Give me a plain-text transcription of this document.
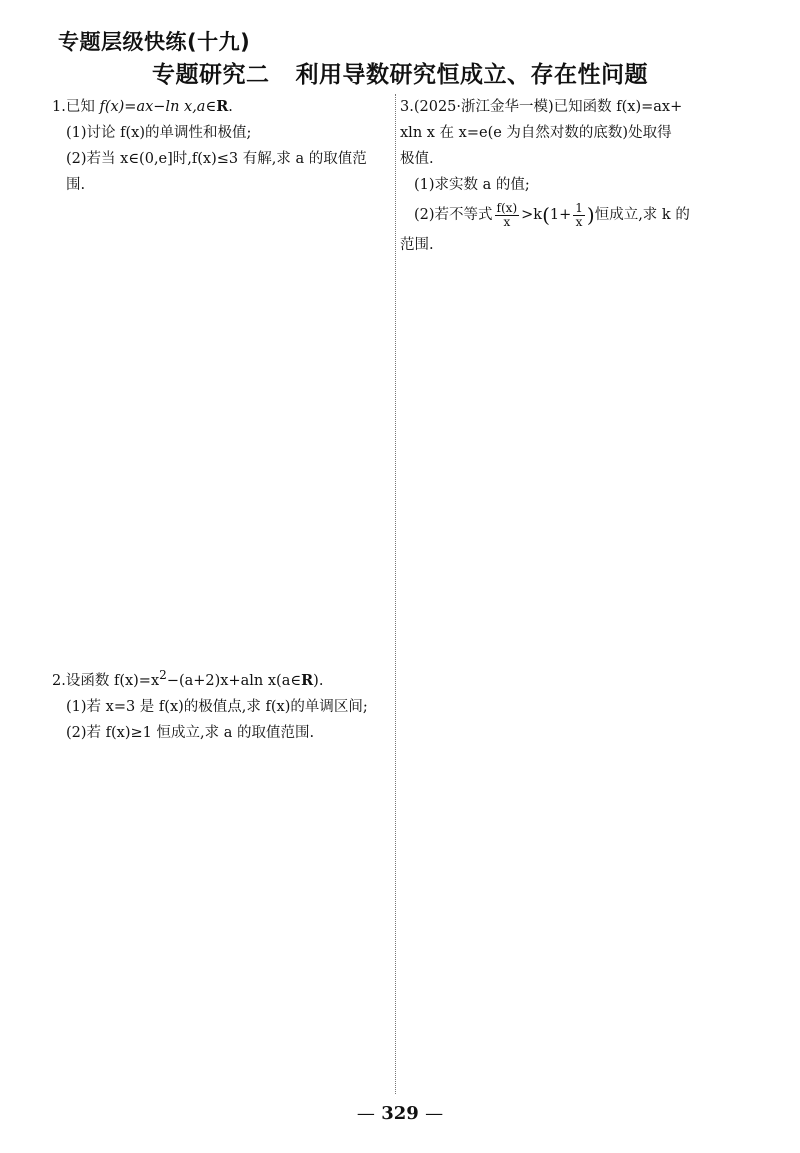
专题层级快练(十九)
专题研究二 利用导数研究恒成立、存在性问题
1.已知 f(x)=ax−ln x,a∈R.
(1)讨论 f(x)的单调性和极值;
(2)若当 x∈(0,e]时,f(x)≤3 有解,求 a 的取值范围.
2.设函数 $f(x)=x^2-(a+2)x+aln$ x(a∈R).
(1)若 x=3 是 f(x)的极值点,求 f(x)的单调区间;
(2)若 f(x)≥1 恒成立,求 a 的取值范围.
3.(2025·浙江金华一模)已知函数 f(x)=ax+
xln x 在 x=e(e 为自然对数的底数)处取得
极值.
(1)求实数 a 的值;
(2)若不等式 $\frac{f(x)}{x} >k(1+ \frac{1}{x}$ )恒成立,求 k 的
范围.
— 329 —
